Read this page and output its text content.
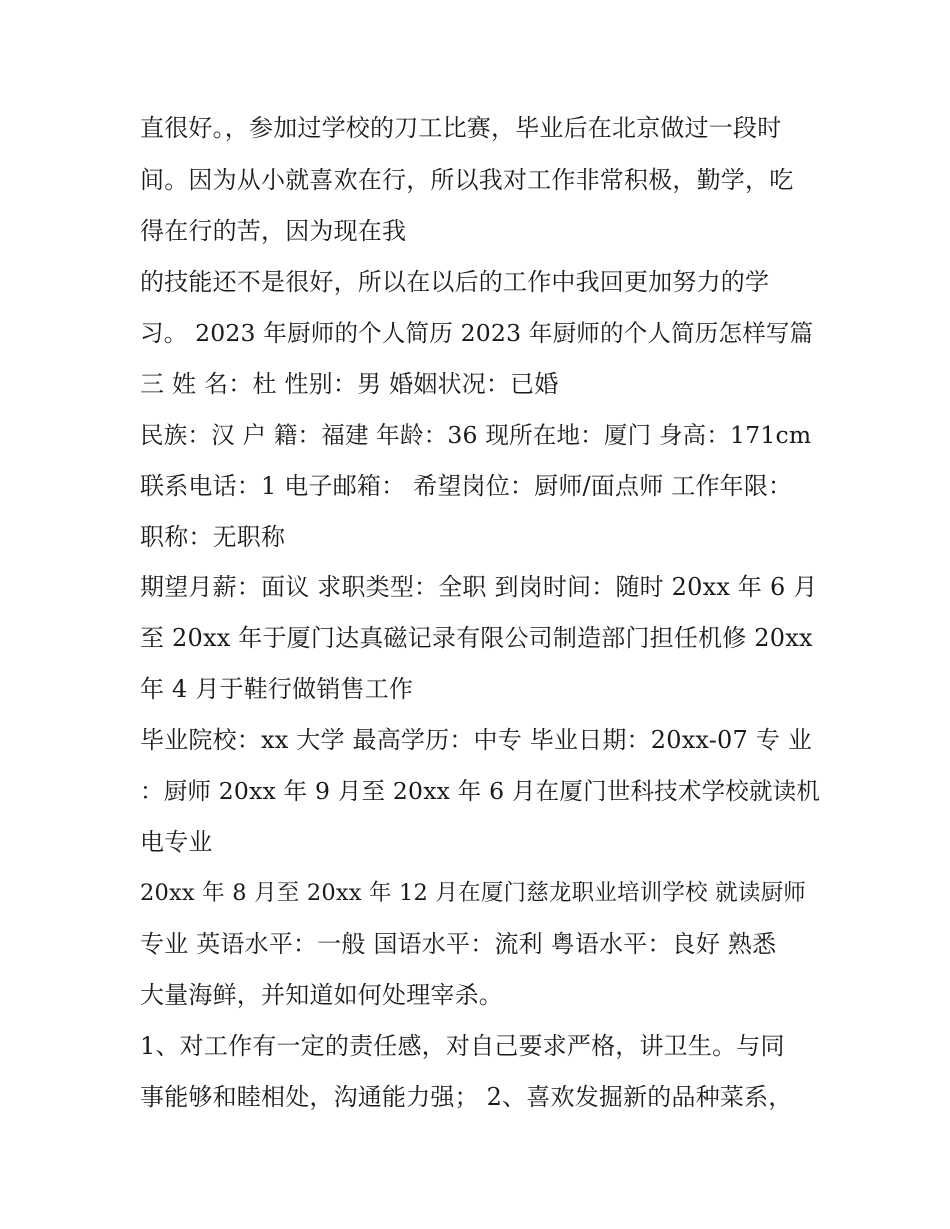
直很好。，参加过学校的刀工比赛，毕业后在北京做过一段时
间。因为从小就喜欢在行，所以我对工作非常积极，勤学，吃
得在行的苦，因为现在我
的技能还不是很好，所以在以后的工作中我回更加努力的学
习。 2023 年厨师的个人简历 2023 年厨师的个人简历怎样写篇
三 姓 名：杜 性别：男 婚姻状况：已婚
民族：汉 户 籍：福建 年龄：36 现所在地：厦门 身高：171cm
联系电话：1 电子邮箱： 希望岗位：厨师/面点师 工作年限：
职称：无职称
期望月薪：面议 求职类型：全职 到岗时间：随时 20xx 年 6 月
至 20xx 年于厦门达真磁记录有限公司制造部门担任机修 20xx
年 4 月于鞋行做销售工作
毕业院校：xx 大学 最高学历：中专 毕业日期：20xx-07 专 业
：厨师 20xx 年 9 月至 20xx 年 6 月在厦门世科技术学校就读机
电专业
20xx 年 8 月至 20xx 年 12 月在厦门慈龙职业培训学校 就读厨师
专业 英语水平：一般 国语水平：流利 粤语水平：良好 熟悉
大量海鲜，并知道如何处理宰杀。
1、对工作有一定的责任感，对自己要求严格，讲卫生。与同
事能够和睦相处，沟通能力强； 2、喜欢发掘新的品种菜系，
